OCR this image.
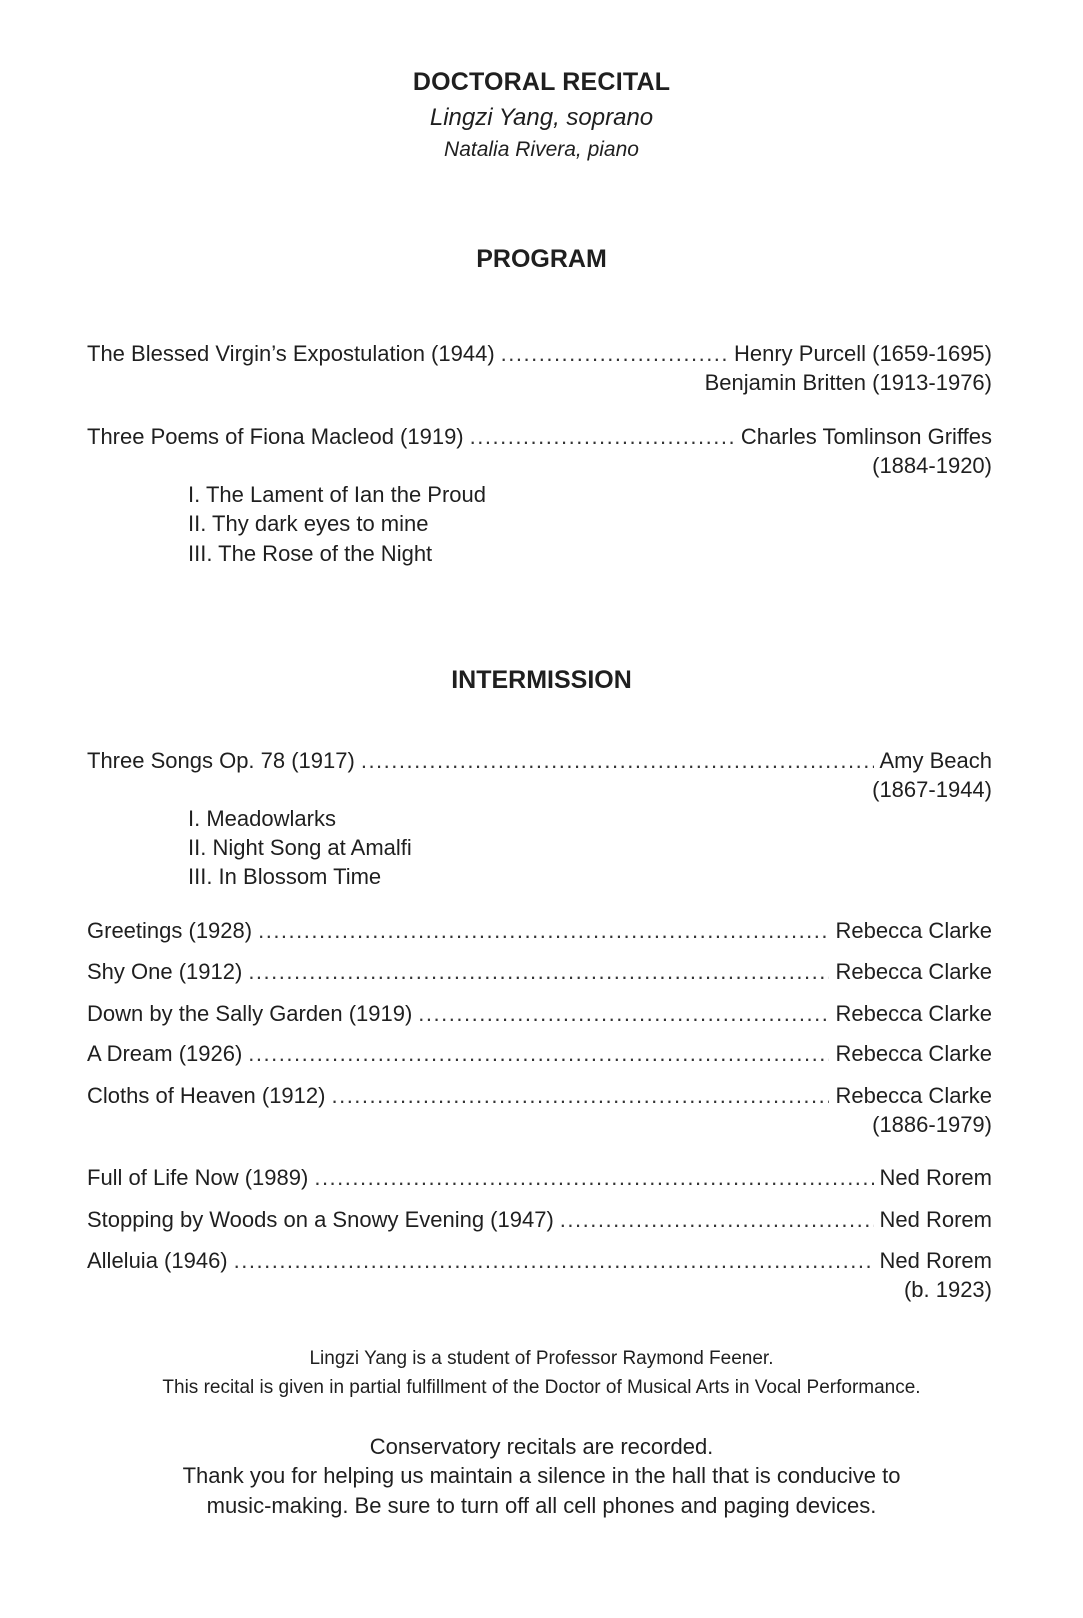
DOCTORAL RECITAL
Lingzi Yang, soprano
Natalia Rivera, piano
PROGRAM
The Blessed Virgin’s Expostulation (1944) .....	Henry Purcell (1659-1695)
Benjamin Britten (1913-1976)
Three Poems of Fiona Macleod (1919) .....	Charles Tomlinson Griffes
(1884-1920)
I. The Lament of Ian the Proud
II. Thy dark eyes to mine
III. The Rose of the Night
INTERMISSION
Three Songs Op. 78 (1917) .....	Amy Beach
(1867-1944)
I. Meadowlarks
II. Night Song at Amalfi
III. In Blossom Time
Greetings (1928) .....	Rebecca Clarke
Shy One (1912) .....	Rebecca Clarke
Down by the Sally Garden (1919) .....	Rebecca Clarke
A Dream (1926) .....	Rebecca Clarke
Cloths of Heaven (1912) .....	Rebecca Clarke
(1886-1979)
Full of Life Now (1989) .....	Ned Rorem
Stopping by Woods on a Snowy Evening (1947) .....	Ned Rorem
Alleluia (1946) .....	Ned Rorem
(b. 1923)
Lingzi Yang is a student of Professor Raymond Feener.
This recital is given in partial fulfillment of the Doctor of Musical Arts in Vocal Performance.
Conservatory recitals are recorded.
Thank you for helping us maintain a silence in the hall that is conducive to
music-making. Be sure to turn off all cell phones and paging devices.
